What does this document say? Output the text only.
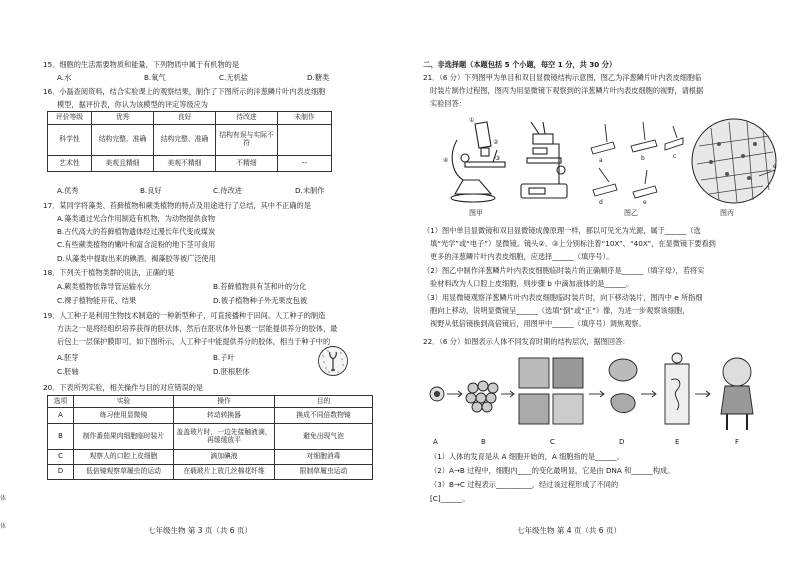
体
体
15．细胞的生活需要物质和能量，下列物质中属于有机物的是
A.水	B.氧气	C.无机盐	D.糖类
16．小磊查阅资料，结合实验课上的观察结果，制作了下图所示的洋葱鳞片叶内表皮细胞
模型，据评价表，你认为该模型的评定等级应为
评价等级	优秀	良好	待改进	未制作
科学性	结构完整、准确	结构完整、准确	结构有误与实际不符	
艺术性	美观且精细	美观不精细	不精细	--
A.优秀	B.良好	C.待改进	D.未制作
17．某同学将藻类、苔藓植物和蕨类植物的特点及用途进行了总结，其中不正确的是
A.藻类通过光合作用制造有机物，为动物提供食物
B.古代高大的苔藓植物遗体经过漫长年代变成煤炭
C.有些蕨类植物的嫩叶和富含淀粉的地下茎可食用
D.从藻类中提取出来的碘酒、褐藻胶等被广泛使用
18．下列关于植物类群的说法，正确的是
A.蕨类植物依靠导管运输水分	B.苔藓植物具有茎和叶的分化
C.裸子植物能开花、结果	D.被子植物种子外无果皮包被
19．人工种子是利用生物技术制造的一种新型种子，可直接播种于田间。人工种子的制造
方法之一是将经组织培养获得的胚状体，然后在胚状体外包裹一层能提供养分的胶体，最
后包上一层保护膜即可，如下图所示，人工种子中能提供养分的胶体，相当于种子中的
A.胚芽	B.子叶
C.胚轴	D.胚根胚体
20．下表所列实验，相关操作与目的对应错误的是
选项	实验	操作	目的
A	练习使用显微镜	转动转换器	换成不同倍数物镜
B	制作番茄果肉细胞临时装片	盖盖玻片时，一边先接触液滴，再缓缓放平	避免出现气泡
C	观察人的口腔上皮细胞	滴加碘液	对细胞消毒
D	低倍镜观察草履虫的运动	在载玻片上放几丝棉花纤维	限制草履虫运动
七年级生物 第 3 页（共 6 页）
二、非选择题（本题包括 5 个小题，每空 1 分，共 30 分）
21．（6 分）下列图甲为单目和双目显微镜结构示意图，图乙为洋葱鳞片叶内表皮细胞临
时装片制作过程图，图丙为用显微镜下观察到的洋葱鳞片叶内表皮细胞的视野，请根据
实验回答：
①
②
③
④	a	b	c
d	e
e
图甲	图乙	图丙
（1）图中单目显微镜和双目显微镜成像原理一样，都以可见光为光源，属于______（选
填“光学”或“电子”）显微镜。镜头②、③上分别标注着“10X”、“40X”，在显微镜下要看到
更多的洋葱鳞片叶内表皮细胞，应选择______（填序号）。
（2）图乙中制作洋葱鳞片叶内表皮细胞临时装片的正确顺序是______（填字母），若将实
验材料改为人口腔上皮细胞，则步骤 b 中滴加液体的是______。
（3）用显微镜观察洋葱鳞片叶内表皮细胞临时装片时，向下移动装片，图丙中 e 所指细
胞向上移动，说明显微镜呈______（选填“倒”或“正”）像，为进一步观察该细胞，
视野从低倍镜换到高倍镜后，用图甲中______（填序号）调焦观察。
22．（6 分）如图表示人体不同发育时期的结构层次，据图回答：
A	B	C	D	E	F
（1）人体的发育是从 A 细胞开始的，A 细胞指的是______。
（2）A→B 过程中，细胞内____的变化最明显，它是由 DNA 和______构成。
（3）B→C 过程表示__________，经过该过程形成了不同的
[C]______。
七年级生物 第 4 页（共 6 页）
